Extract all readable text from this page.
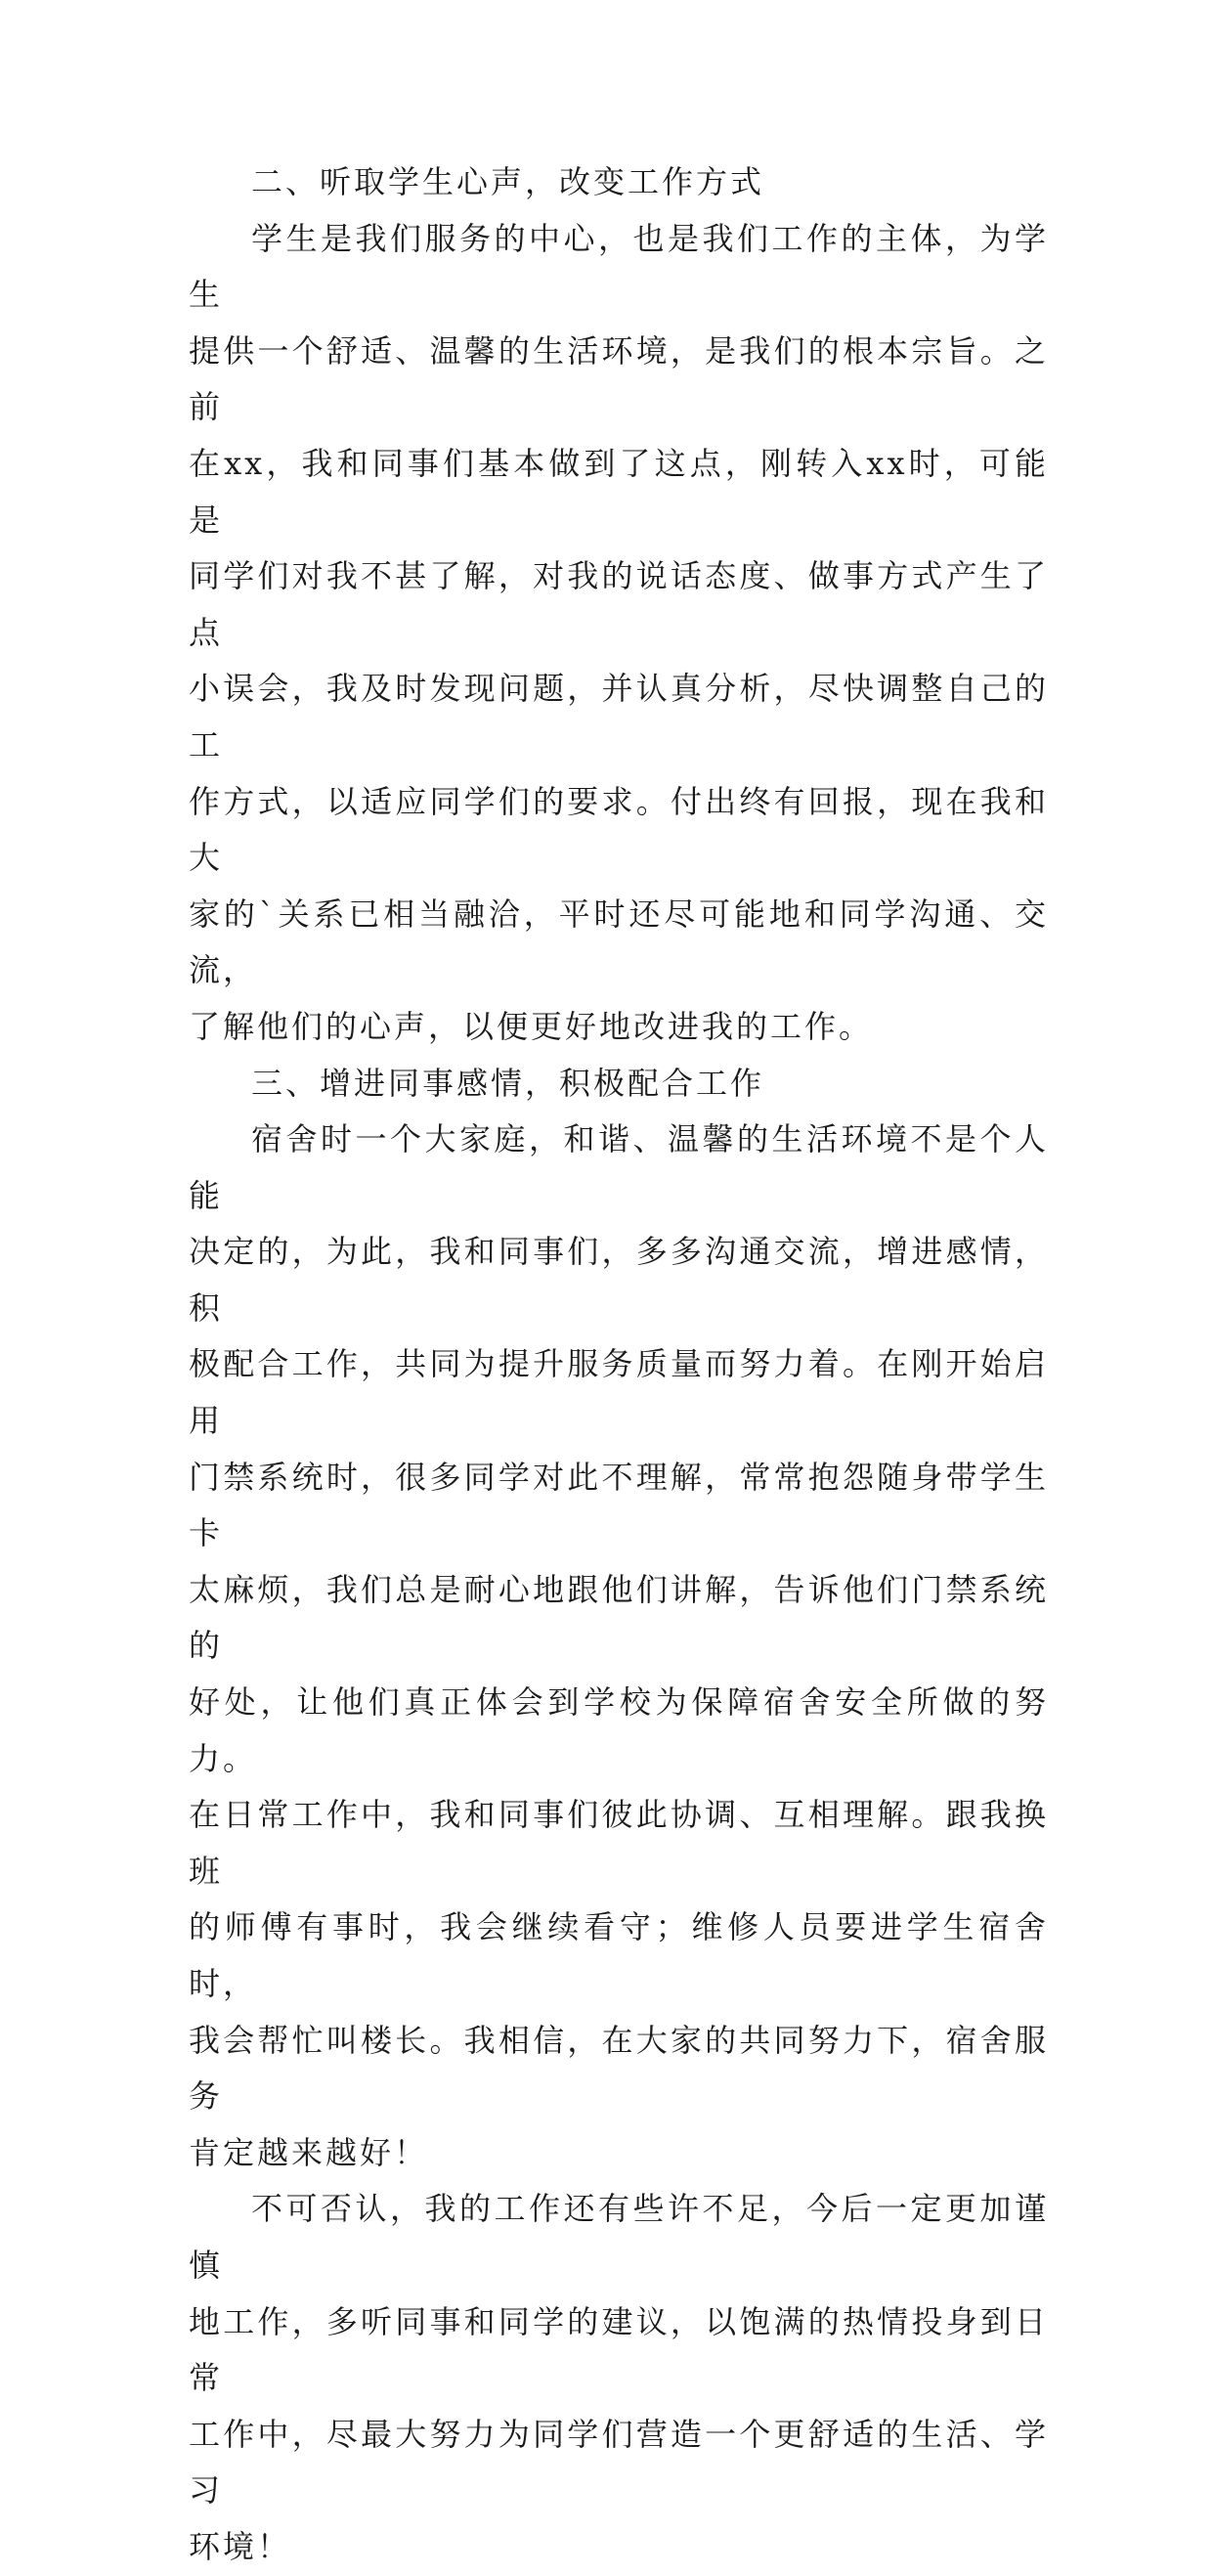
二、听取学生心声，改变工作方式

学生是我们服务的中心，也是我们工作的主体，为学生
提供一个舒适、温馨的生活环境，是我们的根本宗旨。之前
在xx，我和同事们基本做到了这点，刚转入xx时，可能是
同学们对我不甚了解，对我的说话态度、做事方式产生了点
小误会，我及时发现问题，并认真分析，尽快调整自己的工
作方式，以适应同学们的要求。付出终有回报，现在我和大
家的`关系已相当融洽，平时还尽可能地和同学沟通、交流，
了解他们的心声，以便更好地改进我的工作。

三、增进同事感情，积极配合工作

宿舍时一个大家庭，和谐、温馨的生活环境不是个人能
决定的，为此，我和同事们，多多沟通交流，增进感情，积
极配合工作，共同为提升服务质量而努力着。在刚开始启用
门禁系统时，很多同学对此不理解，常常抱怨随身带学生卡
太麻烦，我们总是耐心地跟他们讲解，告诉他们门禁系统的
好处，让他们真正体会到学校为保障宿舍安全所做的努力。
在日常工作中，我和同事们彼此协调、互相理解。跟我换班
的师傅有事时，我会继续看守；维修人员要进学生宿舍时，
我会帮忙叫楼长。我相信，在大家的共同努力下，宿舍服务
肯定越来越好！

不可否认，我的工作还有些许不足，今后一定更加谨慎
地工作，多听同事和同学的建议，以饱满的热情投身到日常
工作中，尽最大努力为同学们营造一个更舒适的生活、学习
环境！
